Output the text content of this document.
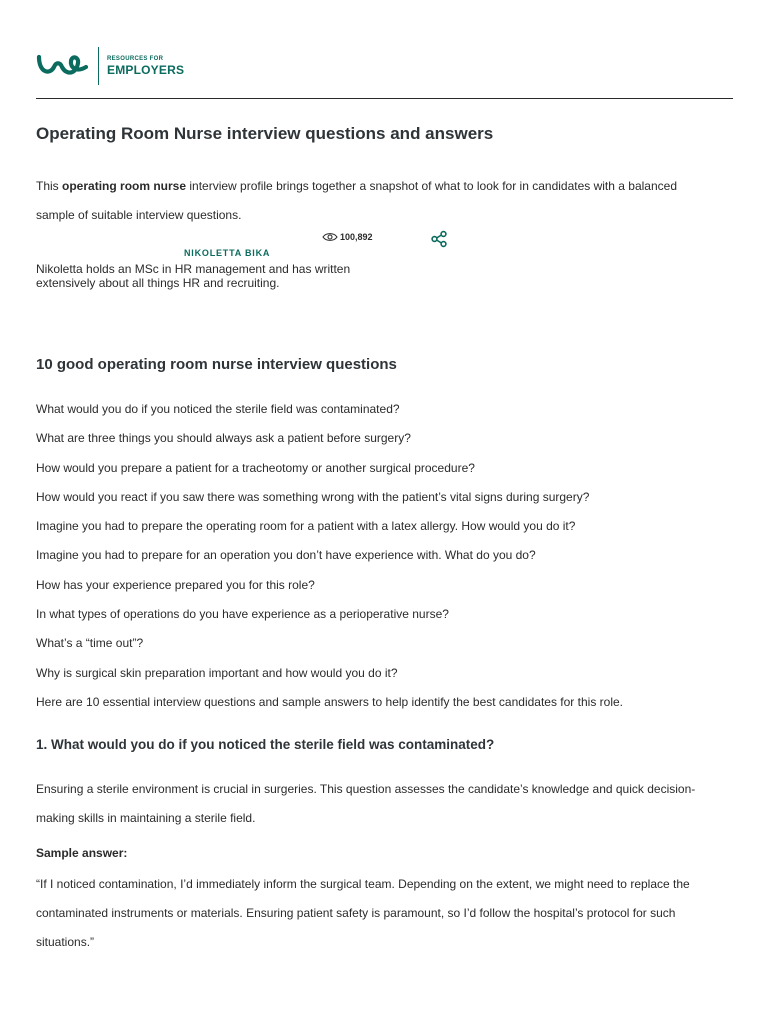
RESOURCES FOR
EMPLOYERS
Operating Room Nurse interview questions and answers

This operating room nurse interview profile brings together a snapshot of what to look for in candidates with a balanced sample of suitable interview questions.

NIKOLETTA BIKA
100,892

Nikoletta holds an MSc in HR management and has written extensively about all things HR and recruiting.

10 good operating room nurse interview questions
What would you do if you noticed the sterile field was contaminated?
What are three things you should always ask a patient before surgery?
How would you prepare a patient for a tracheotomy or another surgical procedure?
How would you react if you saw there was something wrong with the patient’s vital signs during surgery?
Imagine you had to prepare the operating room for a patient with a latex allergy. How would you do it?
Imagine you had to prepare for an operation you don’t have experience with. What do you do?
How has your experience prepared you for this role?
In what types of operations do you have experience as a perioperative nurse?
What’s a “time out”?
Why is surgical skin preparation important and how would you do it?
Here are 10 essential interview questions and sample answers to help identify the best candidates for this role.
1. What would you do if you noticed the sterile field was contaminated?

Ensuring a sterile environment is crucial in surgeries. This question assesses the candidate’s knowledge and quick decision-making skills in maintaining a sterile field.

Sample answer:

“If I noticed contamination, I’d immediately inform the surgical team. Depending on the extent, we might need to replace the contaminated instruments or materials. Ensuring patient safety is paramount, so I’d follow the hospital’s protocol for such situations.”
